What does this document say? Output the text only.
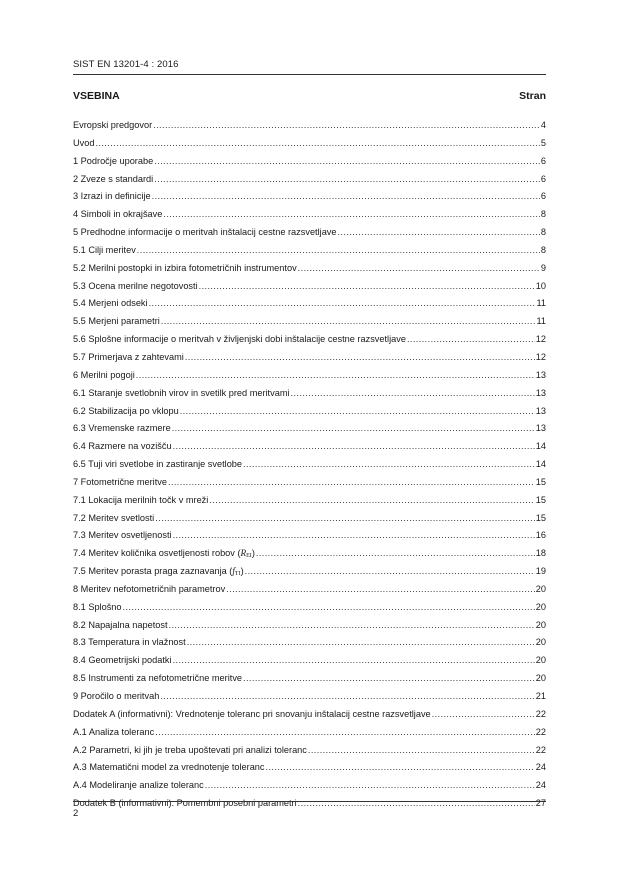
SIST EN 13201-4 : 2016
VSEBINA	Stran
Evropski predgovor .....	4
Uvod .....	5
1 Področje uporabe .....	6
2 Zveze s standardi .....	6
3 Izrazi in definicije .....	6
4 Simboli in okrajšave .....	8
5 Predhodne informacije o meritvah inštalacij cestne razsvetljave .....	8
5.1 Cilji meritev .....	8
5.2 Merilni postopki in izbira fotometričnih instrumentov .....	9
5.3 Ocena merilne negotovosti .....	10
5.4 Merjeni odseki .....	11
5.5 Merjeni parametri .....	11
5.6 Splošne informacije o meritvah v življenjski dobi inštalacije cestne razsvetljave .....	12
5.7 Primerjava z zahtevami .....	12
6 Merilni pogoji .....	13
6.1 Staranje svetlobnih virov in svetilk pred meritvami .....	13
6.2 Stabilizacija po vklopu .....	13
6.3 Vremenske razmere .....	13
6.4 Razmere na vozišču .....	14
6.5 Tuji viri svetlobe in zastiranje svetlobe .....	14
7 Fotometrične meritve .....	15
7.1 Lokacija merilnih točk v mreži .....	15
7.2 Meritev svetlosti .....	15
7.3 Meritev osvetljenosti .....	16
7.4 Meritev količnika osvetljenosti robov $(R_{EI})$ .....	18
7.5 Meritev porasta praga zaznavanja $(f_{TI})$ .....	19
8 Meritev nefotometričnih parametrov .....	20
8.1 Splošno .....	20
8.2 Napajalna napetost .....	20
8.3 Temperatura in vlažnost .....	20
8.4 Geometrijski podatki .....	20
8.5 Instrumenti za nefotometrične meritve .....	20
9 Poročilo o meritvah .....	21
Dodatek A (informativni): Vrednotenje toleranc pri snovanju inštalacij cestne razsvetljave .....	22
A.1 Analiza toleranc .....	22
A.2 Parametri, ki jih je treba upoštevati pri analizi toleranc .....	22
A.3 Matematični model za vrednotenje toleranc .....	24
A.4 Modeliranje analize toleranc .....	24
Dodatek B (informativni): Pomembni posebni parametri .....	27
2
